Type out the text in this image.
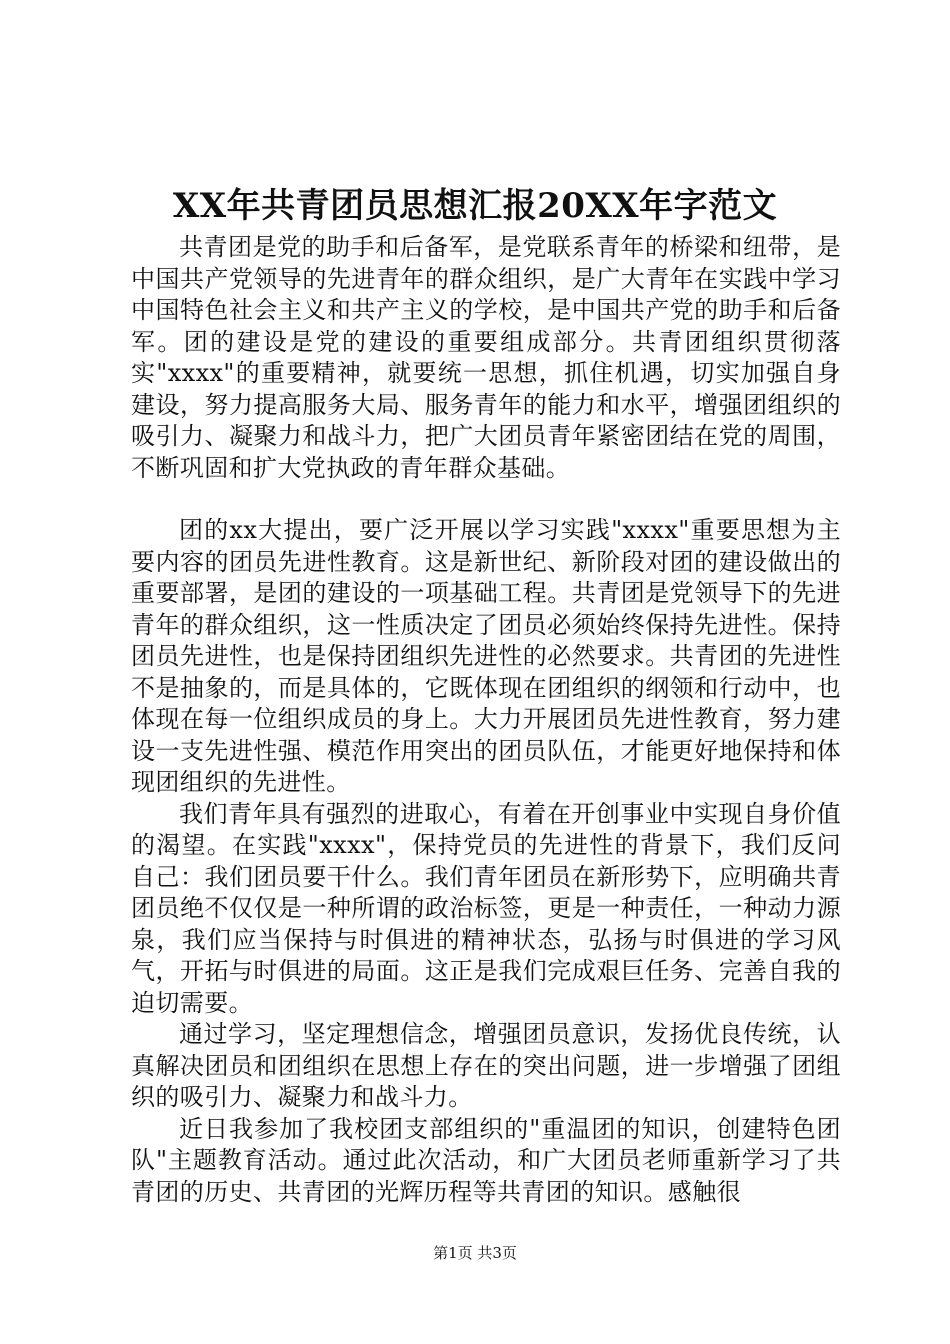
XX年共青团员思想汇报20XX年字范文

共青团是党的助手和后备军，是党联系青年的桥梁和纽带，是中国共产党领导的先进青年的群众组织，是广大青年在实践中学习中国特色社会主义和共产主义的学校，是中国共产党的助手和后备军。团的建设是党的建设的重要组成部分。共青团组织贯彻落实"xxxx"的重要精神，就要统一思想，抓住机遇，切实加强自身建设，努力提高服务大局、服务青年的能力和水平，增强团组织的吸引力、凝聚力和战斗力，把广大团员青年紧密团结在党的周围，不断巩固和扩大党执政的青年群众基础。

团的xx大提出，要广泛开展以学习实践"xxxx"重要思想为主要内容的团员先进性教育。这是新世纪、新阶段对团的建设做出的重要部署，是团的建设的一项基础工程。共青团是党领导下的先进青年的群众组织，这一性质决定了团员必须始终保持先进性。保持团员先进性，也是保持团组织先进性的必然要求。共青团的先进性不是抽象的，而是具体的，它既体现在团组织的纲领和行动中，也体现在每一位组织成员的身上。大力开展团员先进性教育，努力建设一支先进性强、模范作用突出的团员队伍，才能更好地保持和体现团组织的先进性。

我们青年具有强烈的进取心，有着在开创事业中实现自身价值的渴望。在实践"xxxx"，保持党员的先进性的背景下，我们反问自己：我们团员要干什么。我们青年团员在新形势下，应明确共青团员绝不仅仅是一种所谓的政治标签，更是一种责任，一种动力源泉，我们应当保持与时俱进的精神状态，弘扬与时俱进的学习风气，开拓与时俱进的局面。这正是我们完成艰巨任务、完善自我的迫切需要。

通过学习，坚定理想信念，增强团员意识，发扬优良传统，认真解决团员和团组织在思想上存在的突出问题，进一步增强了团组织的吸引力、凝聚力和战斗力。

近日我参加了我校团支部组织的"重温团的知识，创建特色团队"主题教育活动。通过此次活动，和广大团员老师重新学习了共青团的历史、共青团的光辉历程等共青团的知识。感触很

第1页 共3页
